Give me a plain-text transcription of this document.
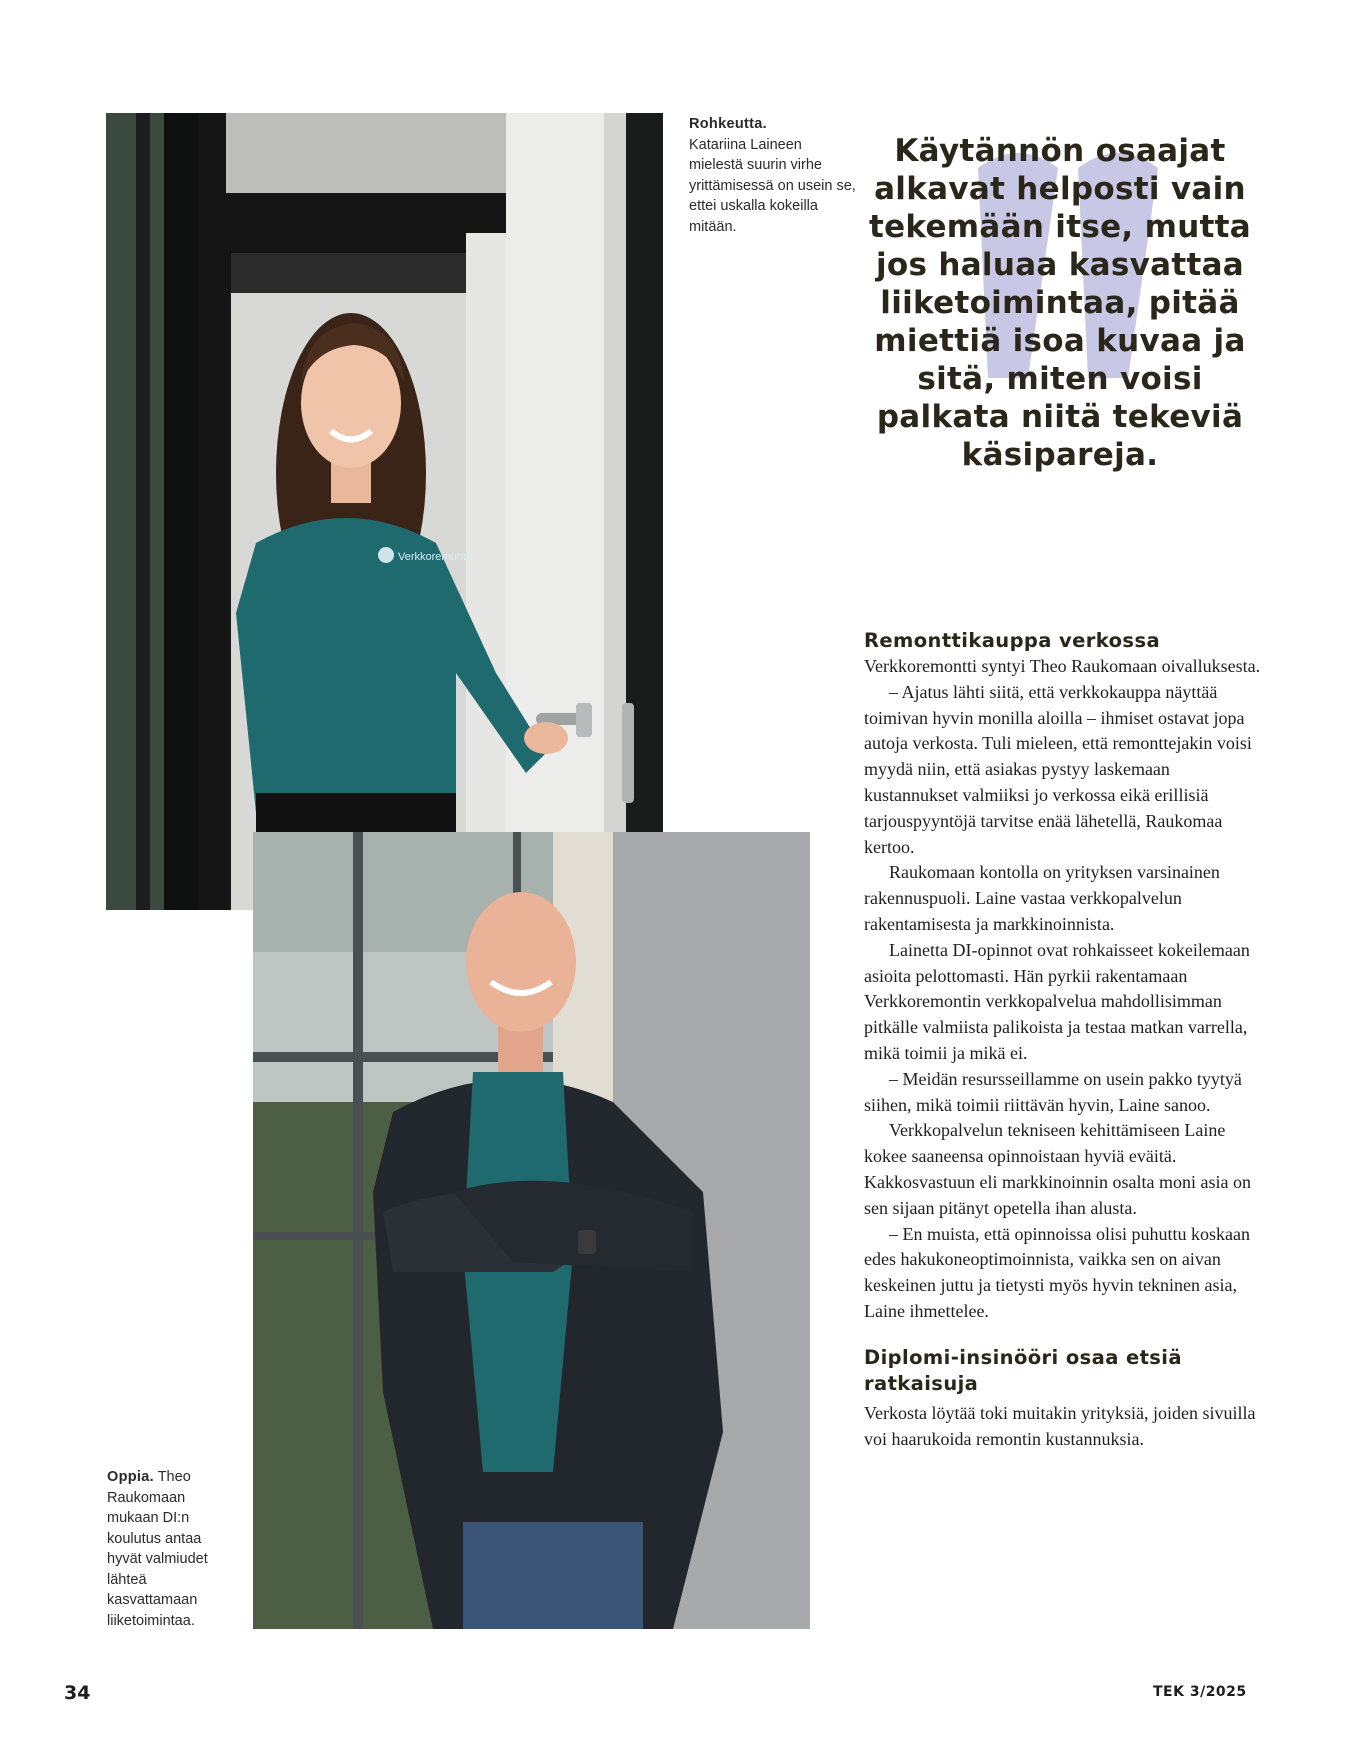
Verkkoremontti
Rohkeutta.
Katariina Laineen mielestä suurin virhe yrittämisessä on usein se, ettei uskalla kokeilla mitään.
Oppia. Theo Raukomaan mukaan DI:n koulutus antaa hyvät valmiudet lähteä kasvattamaan liiketoimintaa.
Käytännön osaajat alkavat helposti vain tekemään itse, mutta jos haluaa kasvattaa liiketoimintaa, pitää miettiä isoa kuvaa ja sitä, miten voisi palkata niitä tekeviä käsipareja.
Remonttikauppa verkossa

Verkkoremontti syntyi Theo Raukomaan oivalluksesta.

– Ajatus lähti siitä, että verkkokauppa näyttää toimivan hyvin monilla aloilla – ihmiset ostavat jopa autoja verkosta. Tuli mieleen, että remonttejakin voisi myydä niin, että asiakas pystyy laskemaan kustannukset valmiiksi jo verkossa eikä erillisiä tarjouspyyntöjä tarvitse enää lähetellä, Raukomaa kertoo.

Raukomaan kontolla on yrityksen varsinainen rakennuspuoli. Laine vastaa verkkopalvelun rakentamisesta ja markkinoinnista.

Lainetta DI-opinnot ovat rohkaisseet kokeilemaan asioita pelottomasti. Hän pyrkii rakentamaan Verkkoremontin verkkopalvelua mahdollisimman pitkälle valmiista palikoista ja testaa matkan varrella, mikä toimii ja mikä ei.

– Meidän resursseillamme on usein pakko tyytyä siihen, mikä toimii riittävän hyvin, Laine sanoo.

Verkkopalvelun tekniseen kehittämiseen Laine kokee saaneensa opinnoistaan hyviä eväitä. Kakkosvastuun eli markkinoinnin osalta moni asia on sen sijaan pitänyt opetella ihan alusta.

– En muista, että opinnoissa olisi puhuttu koskaan edes hakukoneoptimoinnista, vaikka sen on aivan keskeinen juttu ja tietysti myös hyvin tekninen asia, Laine ihmettelee.

Diplomi-insinööri osaa etsiä ratkaisuja

Verkosta löytää toki muitakin yrityksiä, joiden sivuilla voi haarukoida remontin kustannuksia.

34	TEK 3/2025
